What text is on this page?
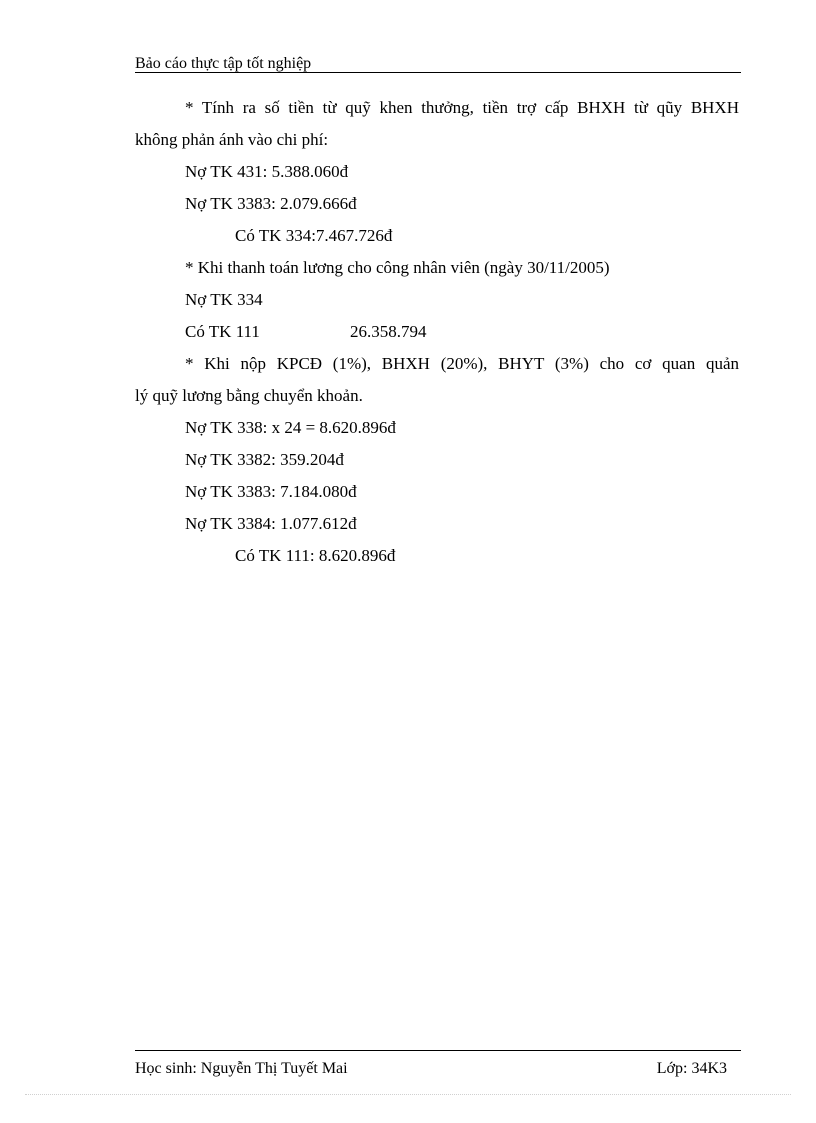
Bảo cáo thực tập tốt nghiệp
* Tính ra số tiền từ quỹ khen thưởng, tiền trợ cấp BHXH từ qũy BHXH
không phản ánh vào chi phí:
Nợ TK 431: 5.388.060đ
Nợ TK 3383: 2.079.666đ
Có TK 334:7.467.726đ
* Khi thanh toán lương cho công nhân viên (ngày 30/11/2005)
Nợ TK 334
Có TK 111	26.358.794
* Khi nộp KPCĐ (1%), BHXH (20%), BHYT (3%) cho cơ quan quản
lý quỹ lương bằng chuyển khoản.
Nợ TK 338: x 24 = 8.620.896đ
Nợ TK 3382: 359.204đ
Nợ TK 3383: 7.184.080đ
Nợ TK 3384: 1.077.612đ
Có TK 111: 8.620.896đ
Học sinh: Nguyễn Thị Tuyết Mai	Lớp: 34K3
